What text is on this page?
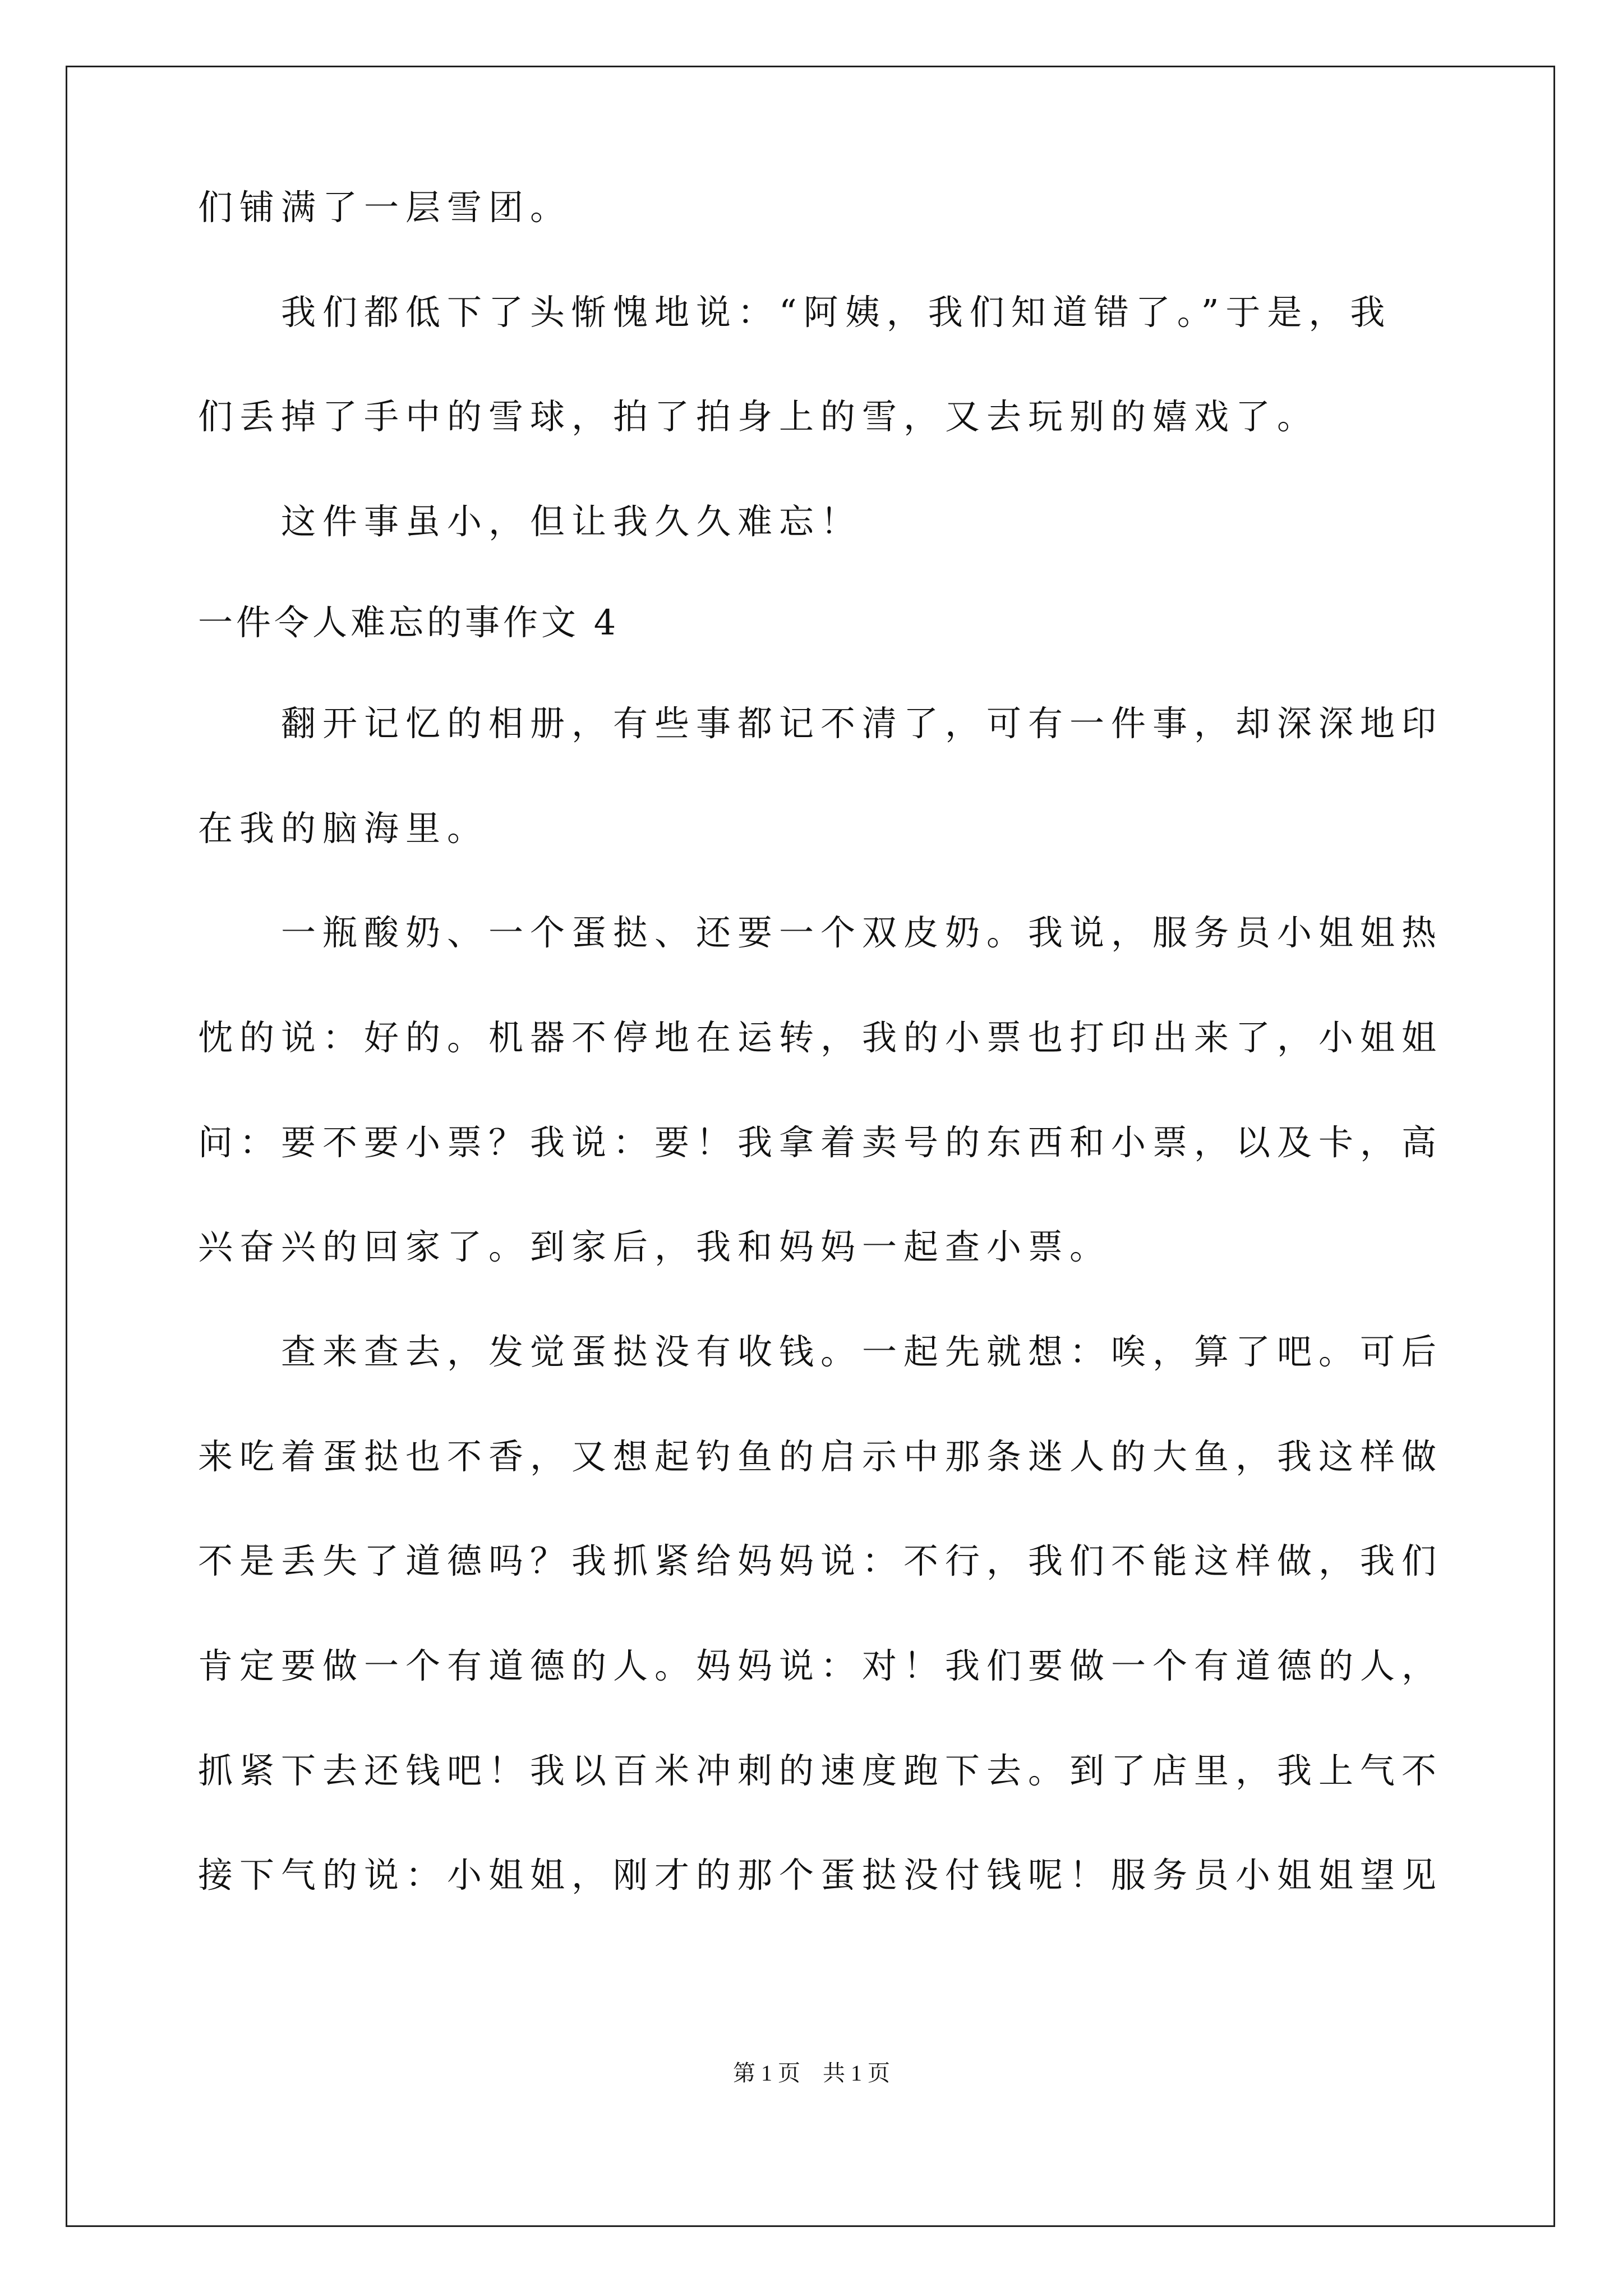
们铺满了一层雪团。
　　我们都低下了头惭愧地说：“阿姨，我们知道错了。”于是，我
们丢掉了手中的雪球，拍了拍身上的雪，又去玩别的嬉戏了。
　　这件事虽小，但让我久久难忘！
一件令人难忘的事作文 4
　　翻开记忆的相册，有些事都记不清了，可有一件事，却深深地印
在我的脑海里。
　　一瓶酸奶、一个蛋挞、还要一个双皮奶。我说，服务员小姐姐热
忱的说：好的。机器不停地在运转，我的小票也打印出来了，小姐姐
问：要不要小票？我说：要！我拿着卖号的东西和小票，以及卡，高
兴奋兴的回家了。到家后，我和妈妈一起查小票。
　　查来查去，发觉蛋挞没有收钱。一起先就想：唉，算了吧。可后
来吃着蛋挞也不香，又想起钓鱼的启示中那条迷人的大鱼，我这样做
不是丢失了道德吗？我抓紧给妈妈说：不行，我们不能这样做，我们
肯定要做一个有道德的人。妈妈说：对！我们要做一个有道德的人，
抓紧下去还钱吧！我以百米冲刺的速度跑下去。到了店里，我上气不
接下气的说：小姐姐，刚才的那个蛋挞没付钱呢！服务员小姐姐望见
第 1 页　共 1 页
